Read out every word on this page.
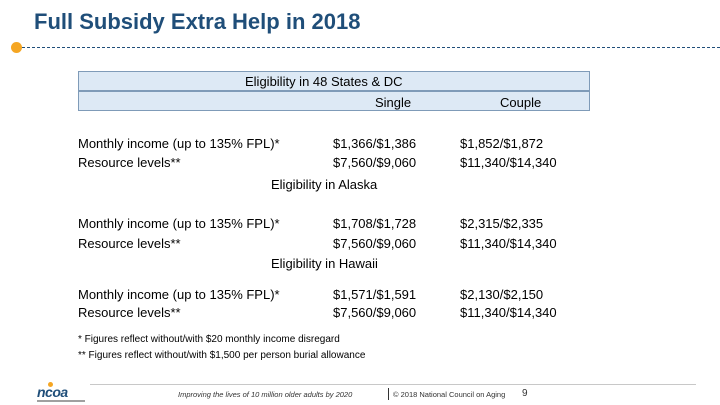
Full Subsidy Extra Help in 2018
Eligibility in 48 States & DC
Single	Couple
Monthly income (up to 135% FPL)*	$1,366/$1,386	$1,852/$1,872
Resource levels**	$7,560/$9,060	$11,340/$14,340
Eligibility in Alaska
Monthly income (up to 135% FPL)*	$1,708/$1,728	$2,315/$2,335
Resource levels**	$7,560/$9,060	$11,340/$14,340
Eligibility in Hawaii
Monthly income (up to 135% FPL)*	$1,571/$1,591	$2,130/$2,150
Resource levels**	$7,560/$9,060	$11,340/$14,340
* Figures reflect without/with $20 monthly income disregard
** Figures reflect without/with $1,500 per person burial allowance
ncoa	Improving the lives of 10 million older adults by 2020	© 2018 National Council on Aging 9
